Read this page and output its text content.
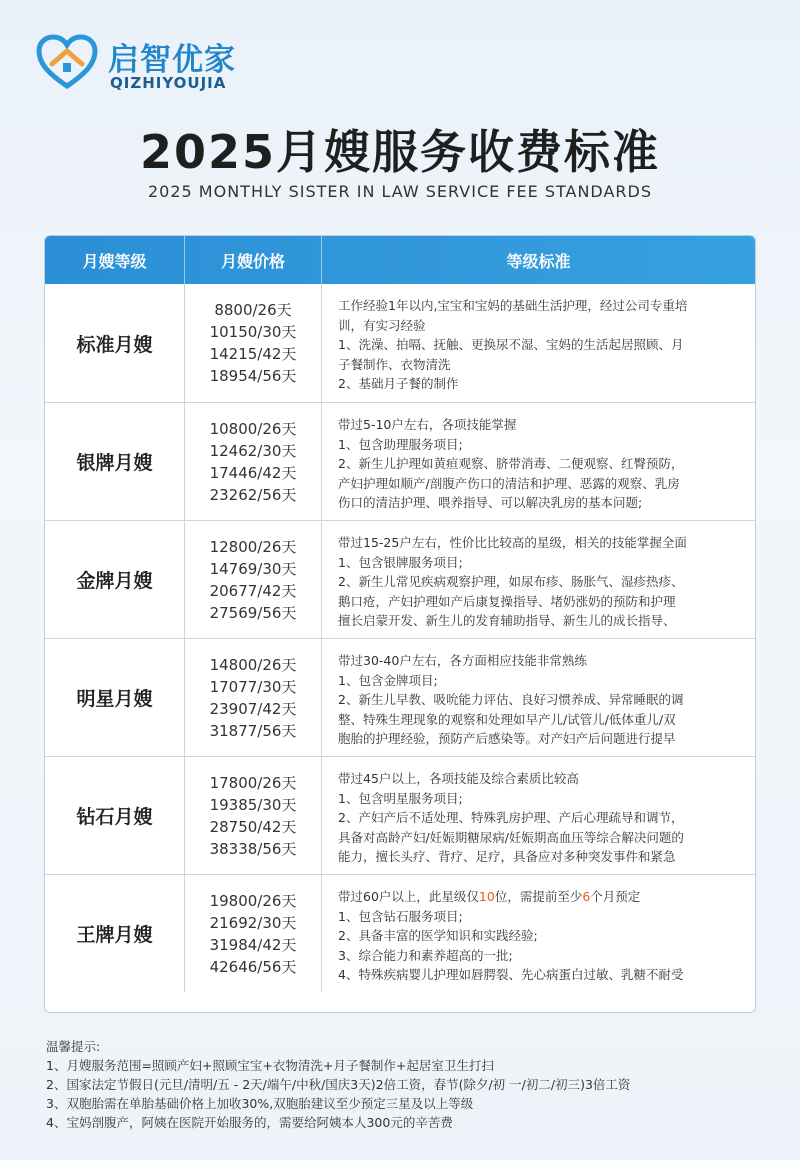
启智优家
QIZHIYOUJIA
2025月嫂服务收费标准
2025 MONTHLY SISTER IN LAW SERVICE FEE STANDARDS
月嫂等级	月嫂价格	等级标准
标准月嫂
8800/26天
10150/30天
14215/42天
18954/56天
工作经验1年以内,宝宝和宝妈的基础生活护理，经过公司专重培
训，有实习经验
1、洗澡、拍嗝、抚触、更换尿不湿、宝妈的生活起居照顾、月
子餐制作、衣物清洗
2、基础月子餐的制作
银牌月嫂
10800/26天
12462/30天
17446/42天
23262/56天
带过5-10户左右，各项技能掌握
1、包含助理服务项目;
2、新生儿护理如黄疸观察、脐带消毒、二便观察、红臀预防，
产妇护理如顺产/剖腹产伤口的清洁和护理、恶露的观察、乳房
伤口的清洁护理、喂养指导、可以解决乳房的基本问题;
金牌月嫂
12800/26天
14769/30天
20677/42天
27569/56天
带过15-25户左右，性价比比较高的星级，相关的技能掌握全面
1、包含银牌服务项目;
2、新生儿常见疾病观察护理，如尿布疹、肠胀气、湿疹热疹、
鹅口疮，产妇护理如产后康复操指导、堵奶涨奶的预防和护理
擅长启蒙开发、新生儿的发育辅助指导、新生儿的成长指导、
明星月嫂
14800/26天
17077/30天
23907/42天
31877/56天
带过30-40户左右，各方面相应技能非常熟练
1、包含金牌项目;
2、新生儿早教、吸吮能力评估、良好习惯养成、异常睡眠的调
整、特殊生理现象的观察和处理如早产儿/试管儿/低体重儿/双
胞胎的护理经验，预防产后感染等。对产妇产后问题进行提早
钻石月嫂
17800/26天
19385/30天
28750/42天
38338/56天
带过45户以上，各项技能及综合素质比较高
1、包含明星服务项目;
2、产妇产后不适处理、特殊乳房护理、产后心理疏导和调节，
具备对高龄产妇/妊娠期糖尿病/妊娠期高血压等综合解决问题的
能力，擅长头疗、背疗、足疗，具备应对多种突发事件和紧急
王牌月嫂
19800/26天
21692/30天
31984/42天
42646/56天
带过60户以上，此星级仅10位，需提前至少6个月预定
1、包含钻石服务项目;
2、具备丰富的医学知识和实践经验;
3、综合能力和素养超高的一批;
4、特殊疾病婴儿护理如唇腭裂、先心病蛋白过敏、乳糖不耐受
温馨提示:
1、月嫂服务范围=照顾产妇+照顾宝宝+衣物清洗+月子餐制作+起居室卫生打扫
2、国家法定节假日(元旦/清明/五 - 2天/端午/中秋/国庆3天)2倍工资，春节(除夕/初 一/初二/初三)3倍工资
3、双胞胎需在单胎基础价格上加收30%,双胞胎建议至少预定三星及以上等级
4、宝妈剖腹产，阿姨在医院开始服务的，需要给阿姨本人300元的辛苦费
